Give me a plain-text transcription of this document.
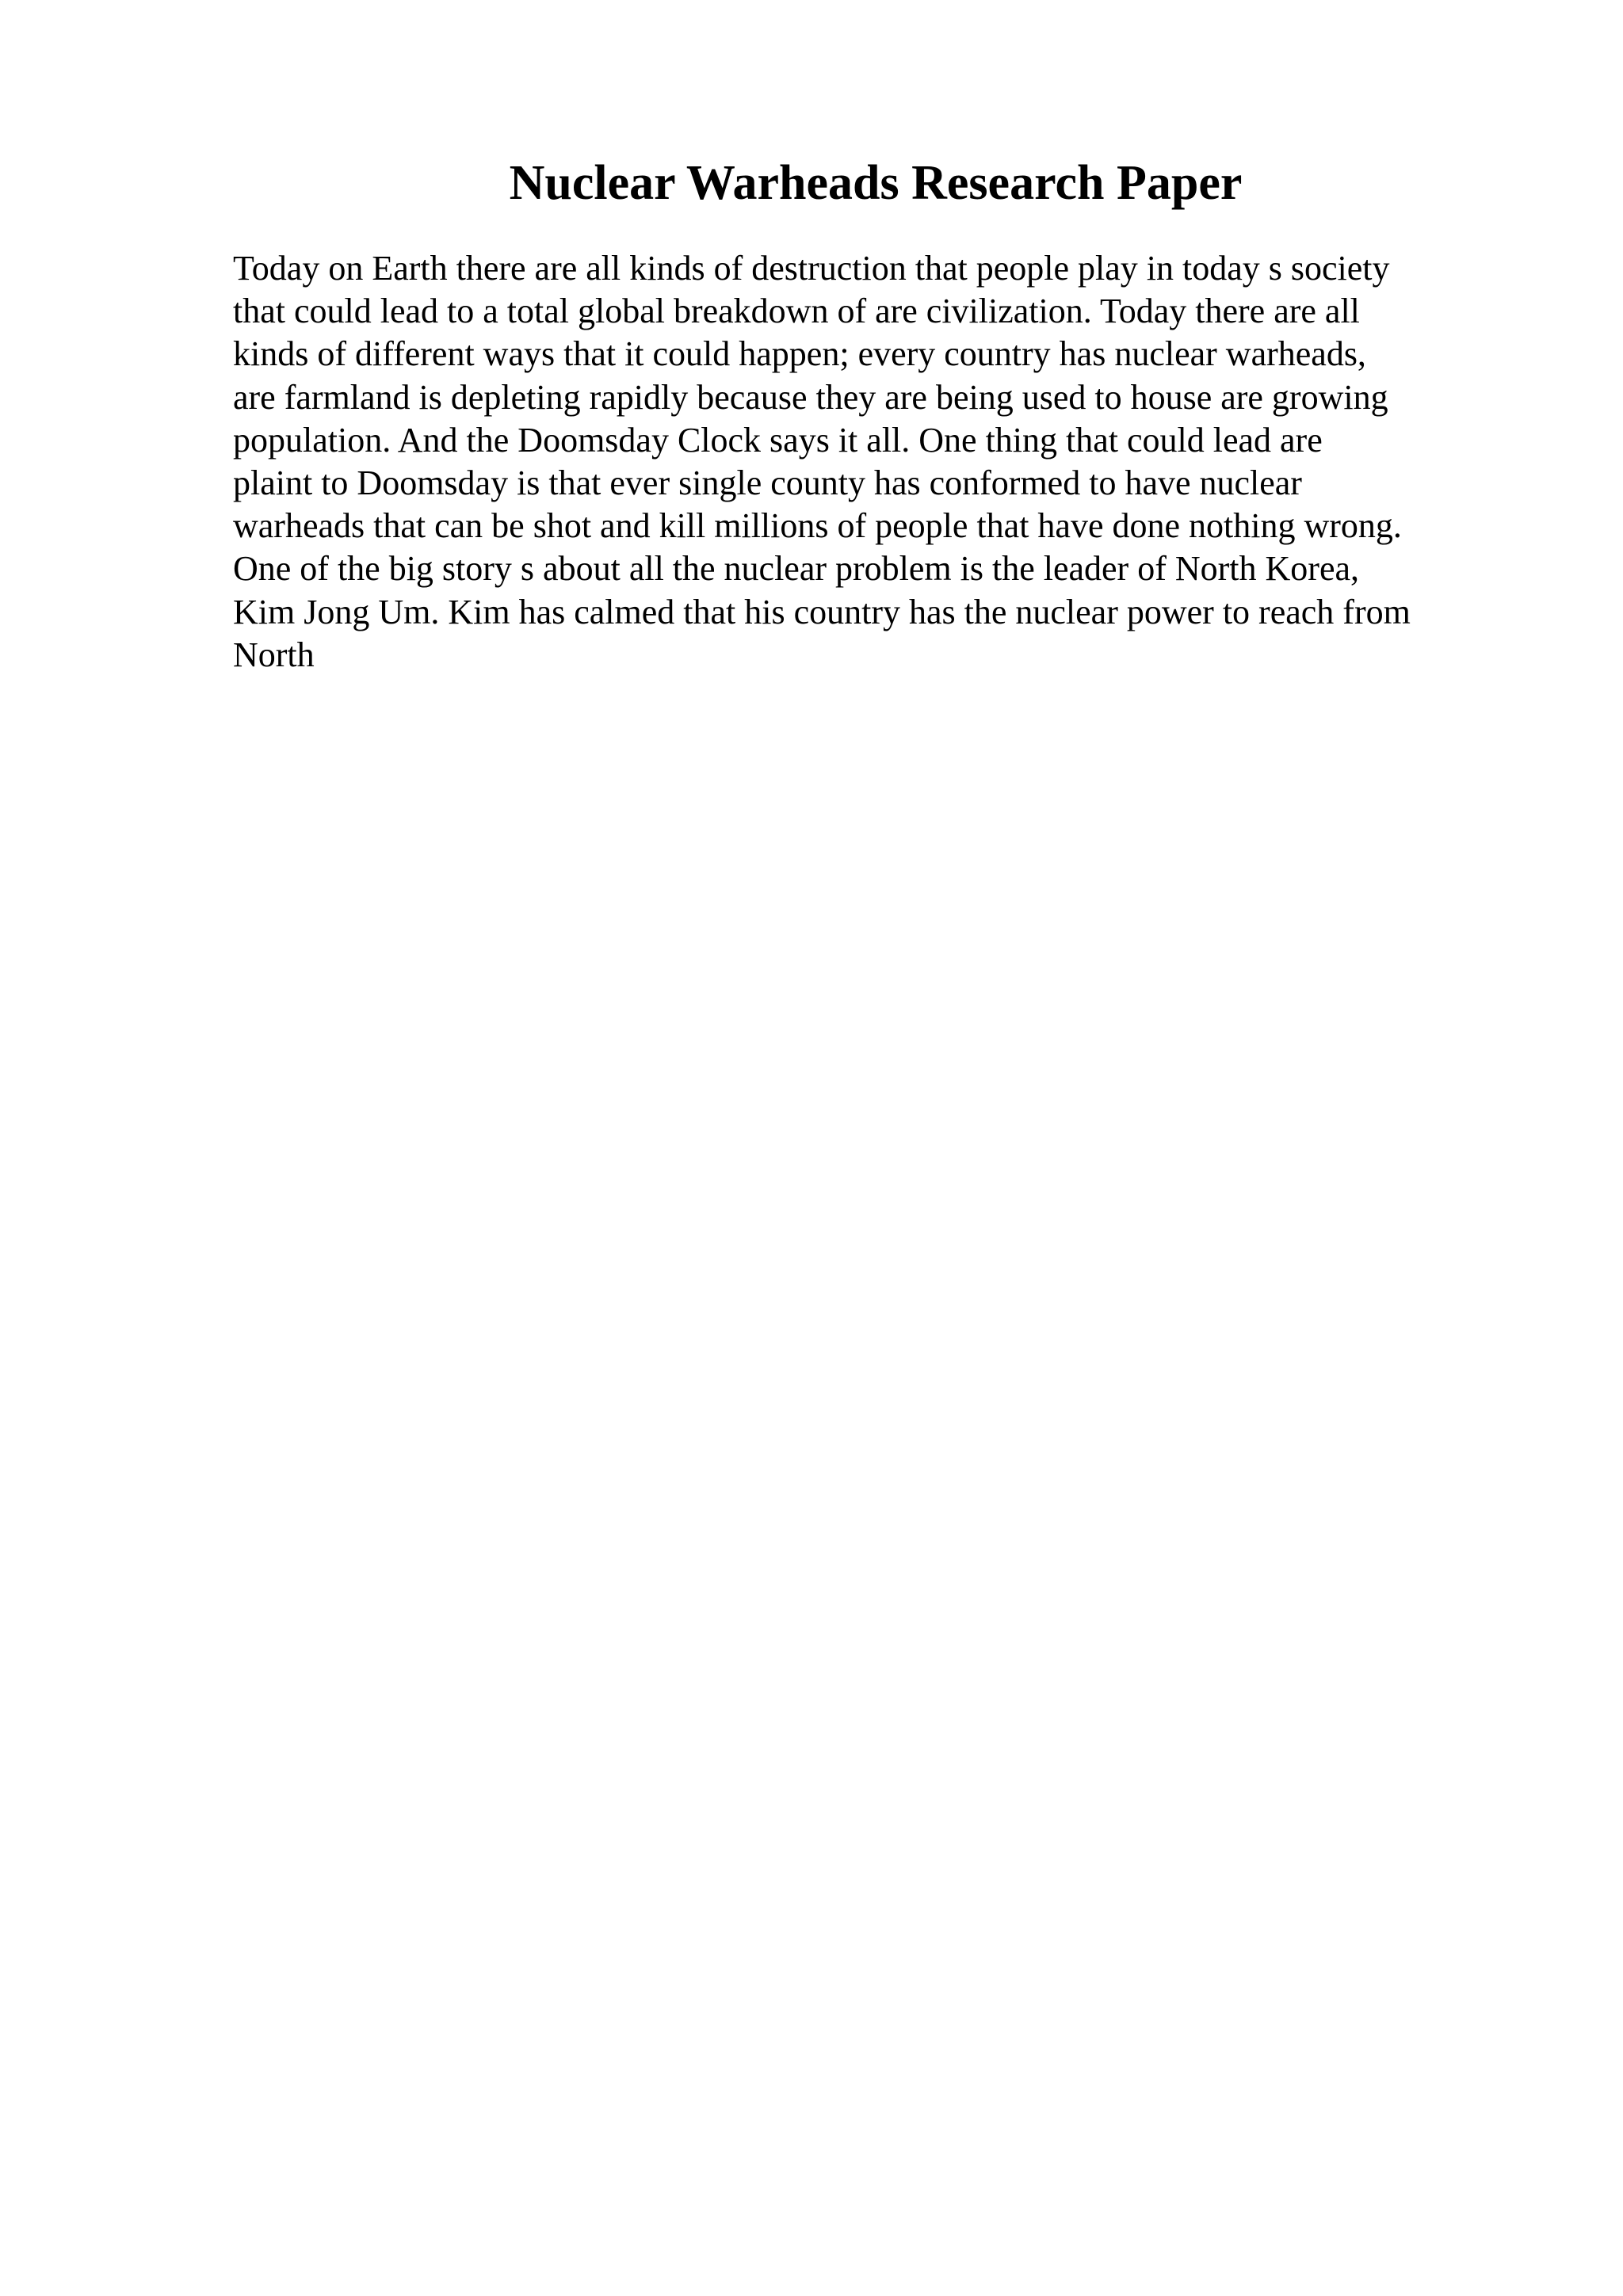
Nuclear Warheads Research Paper
Today on Earth there are all kinds of destruction that people play in today s society
that could lead to a total global breakdown of are civilization. Today there are all
kinds of different ways that it could happen; every country has nuclear warheads,
are farmland is depleting rapidly because they are being used to house are growing
population. And the Doomsday Clock says it all. One thing that could lead are
plaint to Doomsday is that ever single county has conformed to have nuclear
warheads that can be shot and kill millions of people that have done nothing wrong.
One of the big story s about all the nuclear problem is the leader of North Korea,
Kim Jong Um. Kim has calmed that his country has the nuclear power to reach from
North
